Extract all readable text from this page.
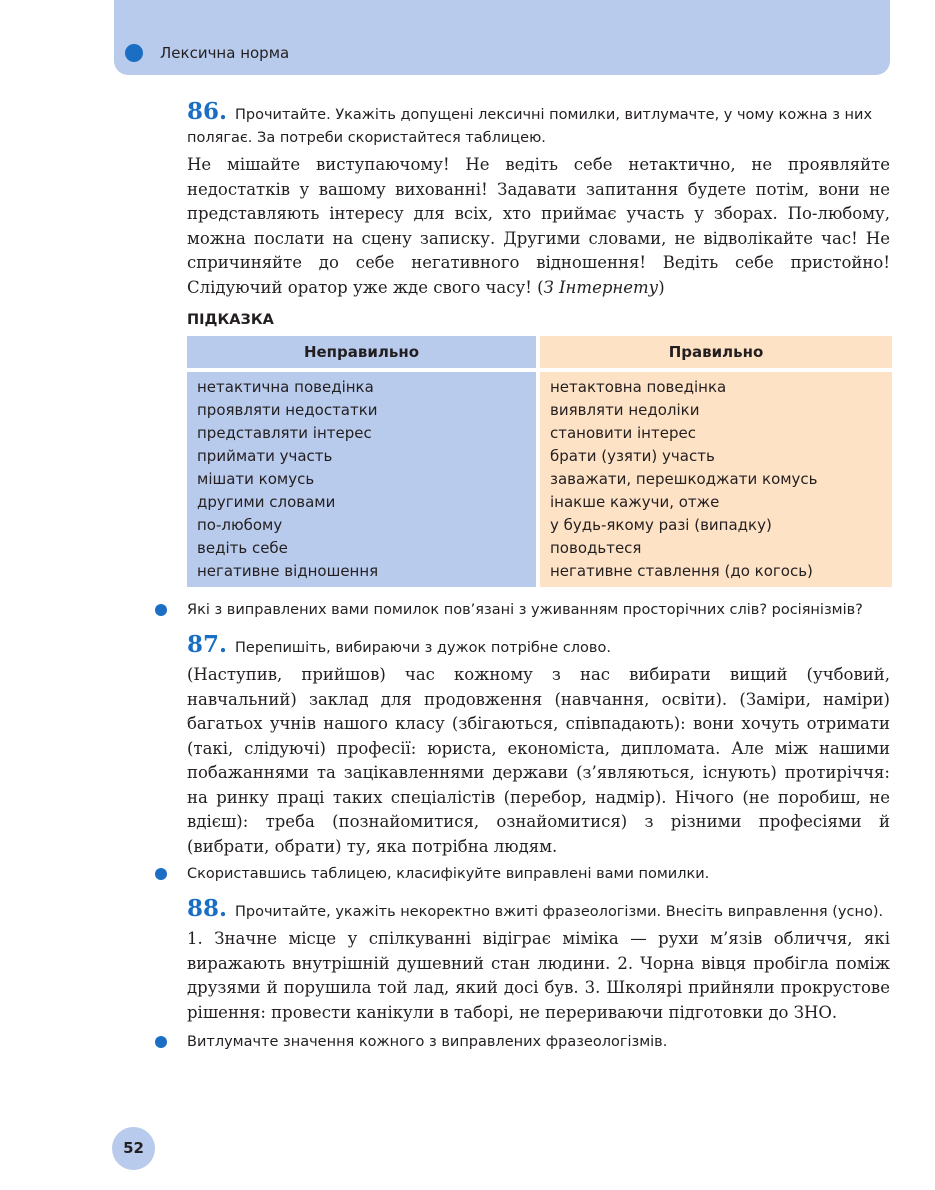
Лексична норма

86. Прочитайте. Укажіть допущені лексичні помилки, витлумачте, у чому кожна з них полягає. За потреби скористайтеся таблицею.

Не мішайте виступаючому! Не ведіть себе нетактично, не проявляйте недостатків у вашому вихованні! Задавати запитання будете потім, вони не представляють інтересу для всіх, хто приймає участь у зборах. По-любому, можна послати на сцену записку. Другими словами, не відволікайте час! Не спричиняйте до себе негативного відношення! Ведіть себе пристойно! Слідуючий оратор уже жде свого часу! (З Інтернету)

ПІДКАЗКА
Неправильно	Правильно
нетактична поведінка
проявляти недостатки
представляти інтерес
приймати участь
мішати комусь
другими словами
по-любому
ведіть себе
негативне відношення
нетактовна поведінка
виявляти недоліки
становити інтерес
брати (узяти) участь
заважати, перешкоджати комусь
інакше кажучи, отже
у будь-якому разі (випадку)
поводьтеся
негативне ставлення (до когось)

Які з виправлених вами помилок пов’язані з уживанням просторічних слів? росіянізмів?

87. Перепишіть, вибираючи з дужок потрібне слово.

(Наступив, прийшов) час кожному з нас вибирати вищий (учбовий, навчальний) заклад для продовження (навчання, освіти). (Заміри, наміри) багатьох учнів нашого класу (збігаються, співпадають): вони хочуть отримати (такі, слідуючі) професії: юриста, економіста, дипломата. Але між нашими побажаннями та зацікавленнями держави (з’являються, існують) протиріччя: на ринку праці таких спеціалістів (перебор, надмір). Нічого (не поробиш, не вдієш): треба (познайомитися, ознайомитися) з різними професіями й (вибрати, обрати) ту, яка потрібна людям.

Скориставшись таблицею, класифікуйте виправлені вами помилки.

88. Прочитайте, укажіть некоректно вжиті фразеологізми. Внесіть виправлення (усно).

1. Значне місце у спілкуванні відіграє міміка — рухи м’язів обличчя, які виражають внутрішній душевний стан людини. 2. Чорна вівця пробігла поміж друзями й порушила той лад, який досі був. 3. Школярі прийняли прокрустове рішення: провести канікули в таборі, не перериваючи підготовки до ЗНО.

Витлумачте значення кожного з виправлених фразеологізмів.

52
